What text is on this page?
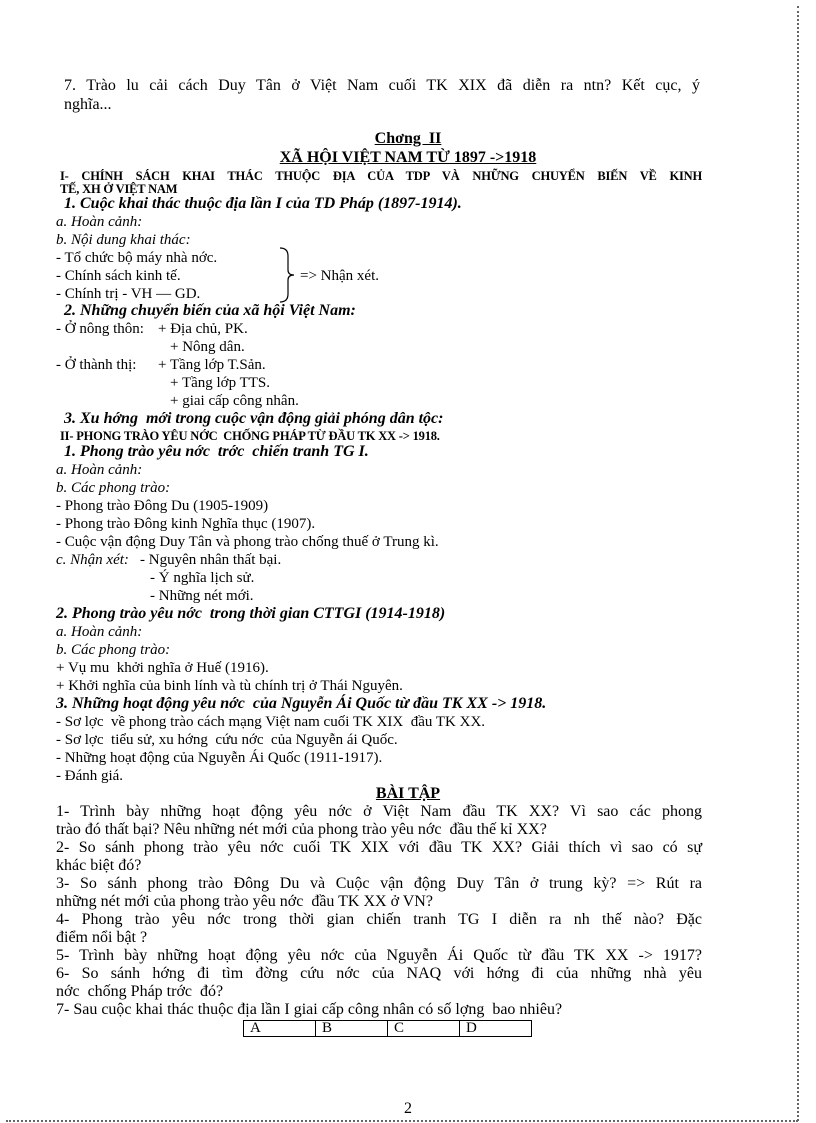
7. Trào lu cải cách Duy Tân ở Việt Nam cuối TK XIX đã diễn ra ntn? Kết cục, ý
nghĩa...
Chơng  II
XÃ HỘI VIỆT NAM TỪ 1897 ->1918
I- CHÍNH SÁCH KHAI THÁC THUỘC ĐỊA CỦA TDP VÀ NHỮNG CHUYỂN BIẾN VỀ KINH
TẾ, XH Ở VIỆT NAM
1. Cuộc khai thác thuộc địa lần I của TD Pháp (1897-1914).
a. Hoàn cảnh:
b. Nội dung khai thác:
- Tổ chức bộ máy nhà nớc.
- Chính sách kinh tế.
- Chính trị - VH — GD.
=> Nhận xét.
2. Những chuyển biến của xã hội Việt Nam:
- Ở nông thôn: + Địa chủ, PK.
+ Nông dân.
- Ở thành thị: + Tầng lớp T.Sản.
+ Tầng lớp TTS.
+ giai cấp công nhân.
3. Xu hớng  mới trong cuộc vận động giải phóng dân tộc:
II- PHONG TRÀO YÊU NỚC  CHỐNG PHÁP TỪ ĐẦU TK XX -> 1918.
1. Phong trào yêu nớc  trớc  chiến tranh TG I.
a. Hoàn cảnh:
b. Các phong trào:
- Phong trào Đông Du (1905-1909)
- Phong trào Đông kinh Nghĩa thục (1907).
- Cuộc vận động Duy Tân và phong trào chống thuế ở Trung kì.
c. Nhận xét: - Nguyên nhân thất bại.
- Ý nghĩa lịch sử.
- Những nét mới.
2. Phong trào yêu nớc  trong thời gian CTTGI (1914-1918)
a. Hoàn cảnh:
b. Các phong trào:
+ Vụ mu  khởi nghĩa ở Huế (1916).
+ Khởi nghĩa của binh lính và tù chính trị ở Thái Nguyên.
3. Những hoạt động yêu nớc  của Nguyễn Ái Quốc từ đầu TK XX -> 1918.
- Sơ lợc  về phong trào cách mạng Việt nam cuối TK XIX  đầu TK XX.
- Sơ lợc  tiểu sử, xu hớng  cứu nớc  của Nguyễn ái Quốc.
- Những hoạt động của Nguyễn Ái Quốc (1911-1917).
- Đánh giá.
BÀI TẬP
1- Trình bày những hoạt động yêu nớc ở Việt Nam đầu TK XX? Vì sao các phong
trào đó thất bại? Nêu những nét mới của phong trào yêu nớc  đầu thế kỉ XX?
2- So sánh phong trào yêu nớc cuối TK XIX với đầu TK XX? Giải thích vì sao có sự
khác biệt đó?
3- So sánh phong trào Đông Du và Cuộc vận động Duy Tân ở trung kỳ? => Rút ra
những nét mới của phong trào yêu nớc  đầu TK XX ở VN?
4- Phong trào yêu nớc trong thời gian chiến tranh TG I diễn ra nh thế nào? Đặc
điểm nổi bật ?
5- Trình bày những hoạt động yêu nớc của Nguyễn Ái Quốc từ đầu TK XX -> 1917?
6- So sánh hớng đi tìm đờng cứu nớc của NAQ với hớng đi của những nhà yêu
nớc  chống Pháp trớc  đó?
7- Sau cuộc khai thác thuộc địa lần I giai cấp công nhân có số lợng  bao nhiêu?
A	B	C	D
2
